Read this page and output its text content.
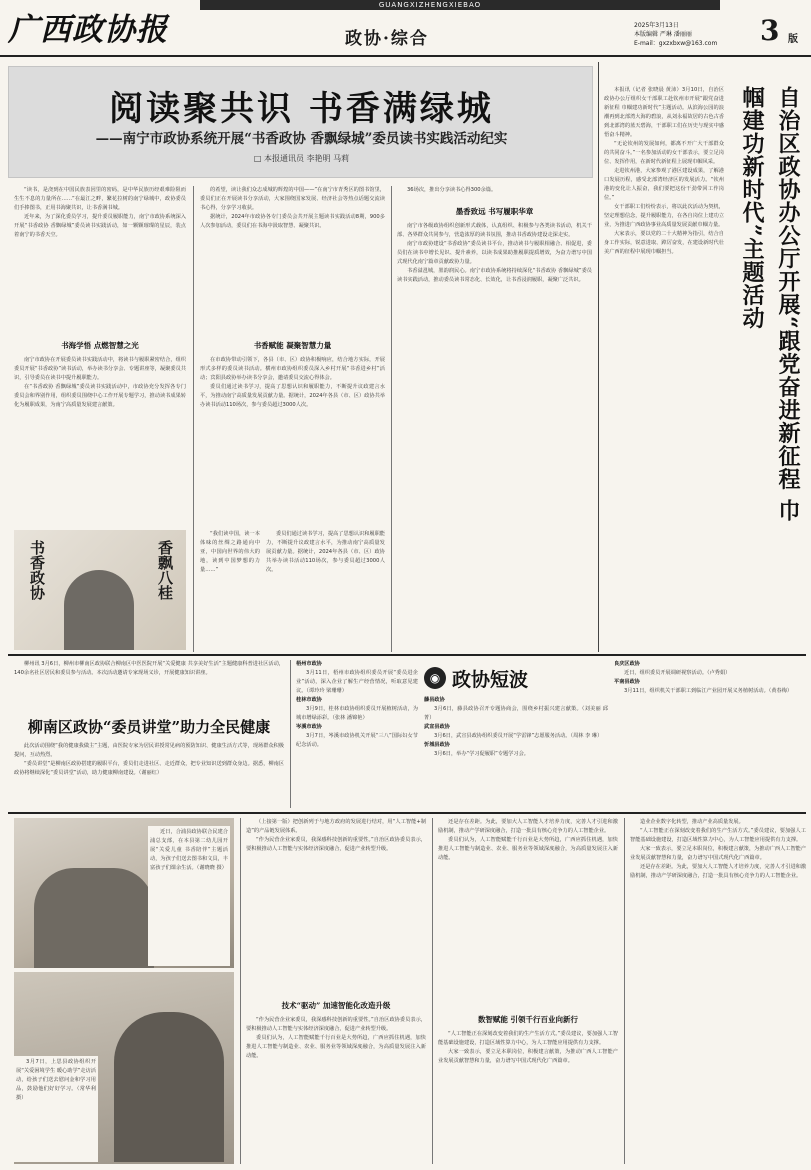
广西政协报
GUANGXIZHENGXIEBAO
政协·综合
2025年3月13日
本版编辑 严琳 潘丽丽
E-mail：gxzxbxw@163.com 3 版
阅读聚共识 书香满绿城
——南宁市政协系统开展“书香政协 香飘绿城”委员读书实践活动纪实
□ 本报通讯员 李艳明 马莉

“读书，是浇到在中国民族表因里的密码，是中华民族历经艰难险阻而生生不息的力量所在……”在最江之畔，繁花拉树的南宁绿城中，政协委员们手捧图书，正用书海聚共识，让书香满书城。

近年来，为了深化委员学习，提升委员履职能力，南宁市政协系统深入开展“书香政协 香飘绿城”委员读书实践活动，如一颗颗璀璨的星辰，装点着南宁的书香天空。

书海学悟 点燃智慧之光

南宁市政协在开展委员读书实践活动中，将读书与履职紧密结合，组织委员开展“书香政协”读书活动，举办读书分享会、专题讲座等，凝聚委员共识，引导委员在读书中提升履职能力。

在“书香政协 香飘绿城”委员读书实践活动中，市政协充分发挥各专门委员会和界别作用，组织委员围绕中心工作开展专题学习，推动读书成果转化为履职成果，为南宁高质量发展建言献策。

书香政协	香飘八桂

的希望，读让我们众志成城的辉煌的中国——”在南宁市青秀区的图书馆里，委员们正在开展读书分享活动，大家围绕国家发展、经济社会等热点话题交流读书心得，分享学习收获。

据统计，2024年市政协各专门委员会共开展主题读书实践活动8期，900多人次参加活动，委员们在书海中汲取智慧、凝聚共识。

书香赋能 凝聚智慧力量

在市政协带动引领下，各县（市、区）政协积极响应，结合地方实际，开展形式多样的委员读书活动。横州市政协组织委员深入乡村开展“书香进乡村”活动；宾阳县政协举办读书分享会，邀请委员交流心得体会。

委员们通过读书学习，提高了思想认识和履职能力，不断提升议政建言水平，为推动南宁高质量发展贡献力量。据统计，2024年各县（市、区）政协共举办读书活动110场次，参与委员超过3000人次。

“我们读中国，读一本体味的丝绸之路通向中亚，中国向世界的伟大的地，读到中国梦想的力量……”

委员们通过读书学习，提高了思想认识和履职能力，不断提升议政建言水平，为推动南宁高质量发展贡献力量。据统计，2024年各县（市、区）政协共举办读书活动110场次，参与委员超过3000人次。

36场次，推出分享读书心得300余篇。

墨香致远 书写履职华章

南宁市各级政协组织创新形式载体，认真组织、积极参与各类读书活动，机关干部、各界群众共同参与，营造浓厚的读书氛围，推动书香政协建设走深走实。

南宁市政协建设“书香政协”委员读书平台，推动读书与履职相融合、相促进，委员们在读书中增长见识、提升素养，以读书成果助推履职提质增效，为奋力谱写中国式现代化南宁篇章贡献政协力量。

书香溢邕城，墨韵润民心。南宁市政协系统将持续深化“书香政协 香飘绿城”委员读书实践活动，推动委员读书常态化、长效化，让书香浸润履职，凝聚广泛共识。

本报讯（记者 张晓晨 黄沛）3月10日，自治区政协办公厅组织女干部职工赴钦州市开展“跟党奋进新征程 巾帼建功新时代”主题活动。从滨海公园的浪潮再到北部湾大海的碧浪，从刘永福故居的古色古香到北部湾的蓝天碧海，干部职工们在历史与现实中感悟奋斗精神。

“无论钦州的发展如何，都离不开广大干部群众的共同奋斗。”一名参加活动的女干部表示，要立足岗位、发挥作用，在新时代新征程上展现巾帼风采。

走进钦州港，大家参观了港区建设成果，了解港口发展历程，感受北部湾经济区的发展活力。“钦州港的变化让人振奋，我们要把这份干劲带回工作岗位。”

女干部职工们纷纷表示，将以此次活动为契机，坚定理想信念，提升履职能力，在各自岗位上建功立业，为推进广西政协事业高质量发展贡献巾帼力量。

大家表示，要以党的二十大精神为指引，结合自身工作实际，锐意进取、踔厉奋发，在建设新时代壮美广西的征程中展现巾帼担当。	自治区政协办公厅开展“跟党奋进新征程 巾帼建功新时代”主题活动

柳州讯 3月6日，柳州市柳南区政协联合柳南区中医医院开展“关爱健康 共享美好生活”主题健康科普进社区活动，140余名社区居民和委员参与活动。本次活动邀请专家现场义诊，开展健康知识讲座。

柳南区政协“委员讲堂”助力全民健康

此次活动围绕“我的健康我做主”主题，由医院专家为居民讲授常见病的预防知识、健康生活方式等，现场群众积极提问，互动热烈。

“委员讲堂”是柳南区政协搭建的履职平台，委员们走进社区、走近群众，把专业知识送到群众身边。据悉，柳南区政协将继续深化“委员讲堂”活动，助力健康柳南建设。（谢丽红）

梧州市政协

3月11日，梧州市政协组织委员开展“委员进企业”活动，深入企业了解生产经营情况，听取意见建议。（谭玲玲 梁珊珊）

桂林市政协

3月9日，桂林市政协组织委员开展植树活动，为城市增绿添彩。（张林 潘锦艳）

岑溪市政协

3月7日，岑溪市政协机关开展“三八”国际妇女节纪念活动。

◉ 政协短波

藤县政协

3月6日，藤县政协召开专题协商会，围绕乡村振兴建言献策。（刘美丽 邱菁）

武宣县政协

3月6日，武宣县政协组织委员开展“学雷锋”志愿服务活动。（周林 李 琳）

忻城县政协

3月6日，举办“学习促履职”专题学习会。

良庆区政协

近日，组织委员开展调研视察活动。（卢秀娟）

平南县政协

3月11日，组织机关干部职工到临江产业园开展义务植树活动。（黄春梅）

近日，合浦县政协联合民建合浦总支部，在本县第二幼儿园开展“关爱儿童 书香陪伴”主题活动，为孩子们送去图书和文具，丰富孩子们课余生活。（谢晓晓 摄）

3月7日，上思县政协组织开展“关爱困境学生 暖心助学”走访活动，给孩子们送去慰问金和学习用品，鼓励他们好好学习。（常华利 摄）

（上接第一版）把创新列于与地方政府的发展进行结对，用“人工智能+制造”的产品链发展体系。

“作为民营企业家委员，我深感科技创新的重要性。”自治区政协委员表示，要积极推动人工智能与实体经济深度融合，促进产业转型升级。

技术“驱动” 加速智能化改造升级

“作为民营企业家委员，我深感科技创新的重要性。”自治区政协委员表示，要积极推动人工智能与实体经济深度融合，促进产业转型升级。

委员们认为，人工智能赋能千行百业是大势所趋，广西应抓住机遇，加快推进人工智能与制造业、农业、服务业等领域深度融合，为高质量发展注入新动能。

还是存在差距。为此，要加大人工智能人才培养力度，完善人才引进和激励机制，推动产学研深度融合，打造一批具有核心竞争力的人工智能企业。

委员们认为，人工智能赋能千行百业是大势所趋，广西应抓住机遇，加快推进人工智能与制造业、农业、服务业等领域深度融合，为高质量发展注入新动能。

数智赋能 引领千行百业向新行

“人工智能正在深刻改变着我们的生产生活方式。”委员建议，要加强人工智能基础设施建设，打造区域性算力中心，为人工智能应用提供有力支撑。

大家一致表示，要立足本职岗位，积极建言献策，为推动广西人工智能产业发展贡献智慧和力量，奋力谱写中国式现代化广西篇章。

造业企业数字化转型，推动产业高质量发展。

“人工智能正在深刻改变着我们的生产生活方式。”委员建议，要加强人工智能基础设施建设，打造区域性算力中心，为人工智能应用提供有力支撑。

大家一致表示，要立足本职岗位，积极建言献策，为推动广西人工智能产业发展贡献智慧和力量，奋力谱写中国式现代化广西篇章。

还是存在差距。为此，要加大人工智能人才培养力度，完善人才引进和激励机制，推动产学研深度融合，打造一批具有核心竞争力的人工智能企业。
